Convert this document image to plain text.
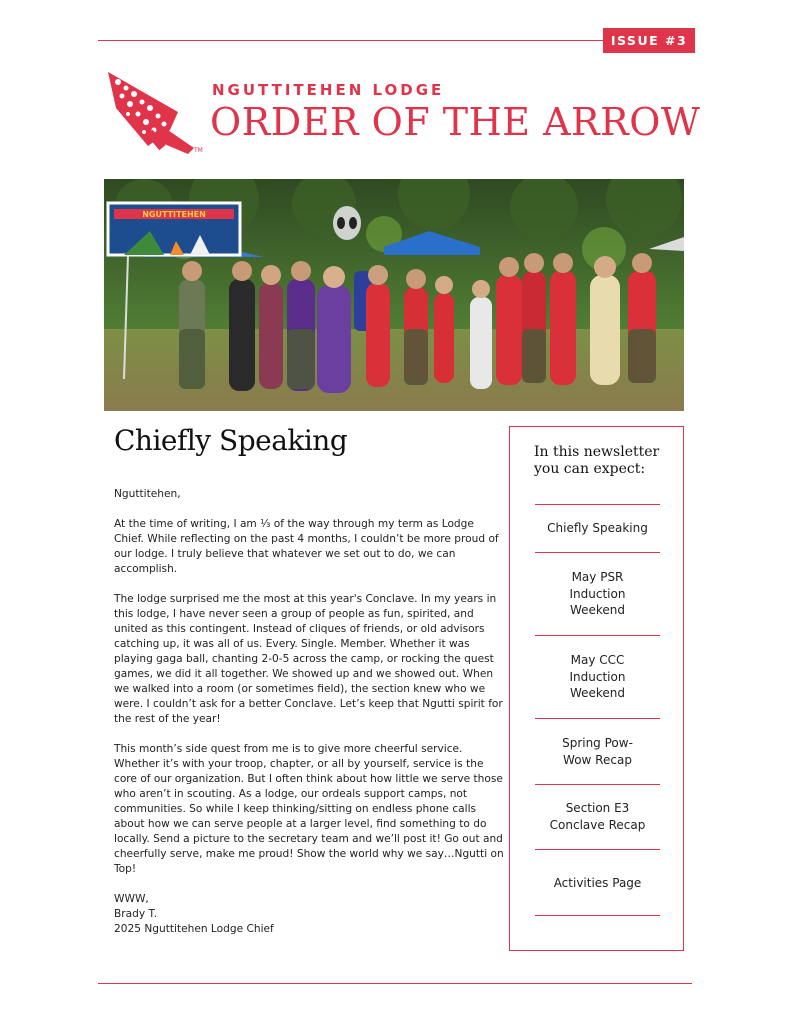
ISSUE #3
TM
NGUTTITEHEN LODGE
ORDER OF THE ARROW
NGUTTITEHEN
Chiefly Speaking

Nguttitehen,

At the time of writing, I am ⅓ of the way through my term as Lodge Chief. While reflecting on the past 4 months, I couldn’t be more proud of our lodge. I truly believe that whatever we set out to do, we can accomplish.

The lodge surprised me the most at this year's Conclave. In my years in this lodge, I have never seen a group of people as fun, spirited, and united as this contingent. Instead of cliques of friends, or old advisors catching up, it was all of us. Every. Single. Member. Whether it was playing gaga ball, chanting 2-0-5 across the camp, or rocking the quest games, we did it all together. We showed up and we showed out. When we walked into a room (or sometimes field), the section knew who we were. I couldn’t ask for a better Conclave. Let’s keep that Ngutti spirit for the rest of the year!

This month’s side quest from me is to give more cheerful service. Whether it’s with your troop, chapter, or all by yourself, service is the core of our organization. But I often think about how little we serve those who aren’t in scouting. As a lodge, our ordeals support camps, not communities. So while I keep thinking/sitting on endless phone calls about how we can serve people at a larger level, find something to do locally. Send a picture to the secretary team and we’ll post it! Go out and cheerfully serve, make me proud! Show the world why we say…Ngutti on Top!

WWW,

Brady T.

2025 Nguttitehen Lodge Chief

In this newsletter
you can expect:
Chiefly Speaking
May PSR
Induction
Weekend
May CCC
Induction
Weekend
Spring Pow-
Wow Recap
Section E3
Conclave Recap
Activities Page
